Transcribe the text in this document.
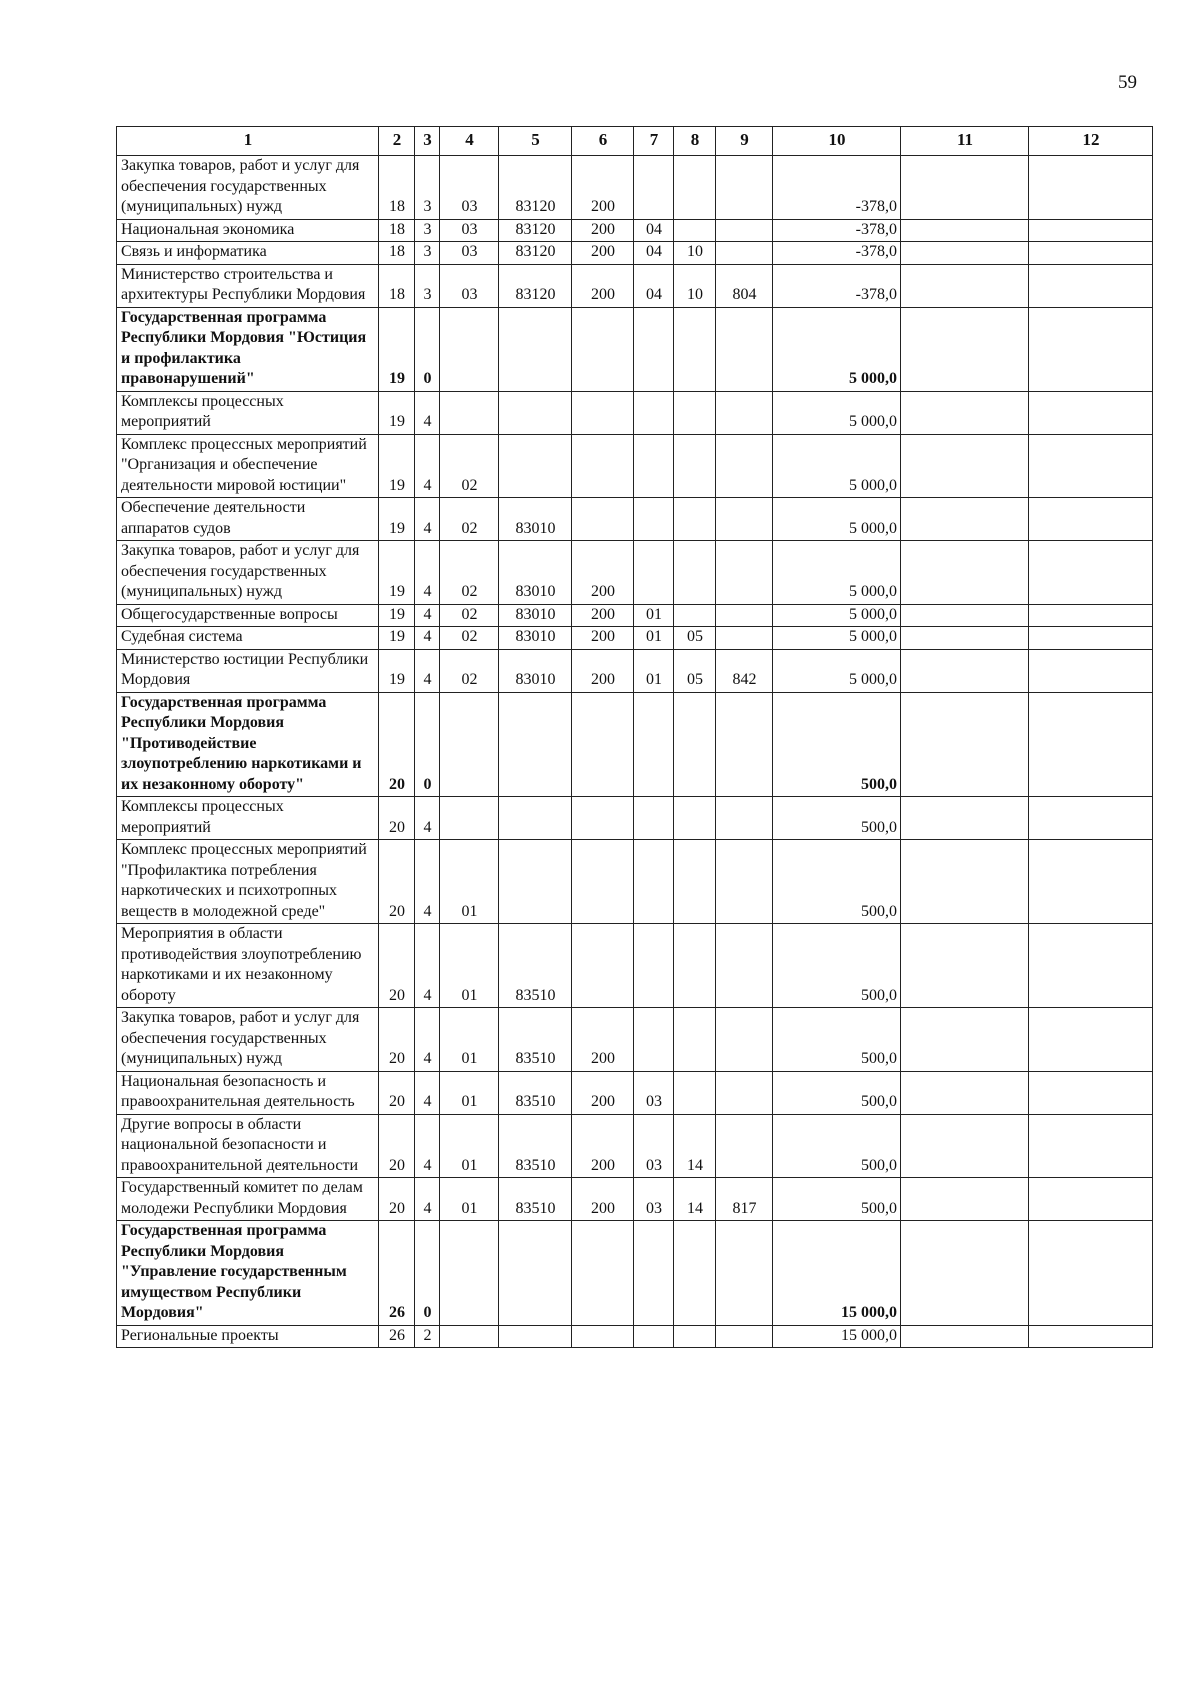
59
1	2	3	4	5	6	7	8	9	10	11	12
Закупка товаров, работ и услуг для обеспечения государственных (муниципальных) нужд	18	3	03	83120	200				-378,0		
Национальная экономика	18	3	03	83120	200	04			-378,0		
Связь и информатика	18	3	03	83120	200	04	10		-378,0		
Министерство строительства и архитектуры Республики Мордовия	18	3	03	83120	200	04	10	804	-378,0		
Государственная программа Республики Мордовия "Юстиция и профилактика правонарушений"	19	0							5 000,0		
Комплексы процессных мероприятий	19	4							5 000,0		
Комплекс процессных мероприятий "Организация и обеспечение деятельности мировой юстиции"	19	4	02						5 000,0		
Обеспечение деятельности аппаратов судов	19	4	02	83010					5 000,0		
Закупка товаров, работ и услуг для обеспечения государственных (муниципальных) нужд	19	4	02	83010	200				5 000,0		
Общегосударственные вопросы	19	4	02	83010	200	01			5 000,0		
Судебная система	19	4	02	83010	200	01	05		5 000,0		
Министерство юстиции Республики Мордовия	19	4	02	83010	200	01	05	842	5 000,0		
Государственная программа Республики Мордовия "Противодействие злоупотреблению наркотиками и их незаконному обороту"	20	0							500,0		
Комплексы процессных мероприятий	20	4							500,0		
Комплекс процессных мероприятий "Профилактика потребления наркотических и психотропных веществ в молодежной среде"	20	4	01						500,0		
Мероприятия в области противодействия злоупотреблению наркотиками и их незаконному обороту	20	4	01	83510					500,0		
Закупка товаров, работ и услуг для обеспечения государственных (муниципальных) нужд	20	4	01	83510	200				500,0		
Национальная безопасность и правоохранительная деятельность	20	4	01	83510	200	03			500,0		
Другие вопросы в области национальной безопасности и правоохранительной деятельности	20	4	01	83510	200	03	14		500,0		
Государственный комитет по делам молодежи Республики Мордовия	20	4	01	83510	200	03	14	817	500,0		
Государственная программа Республики Мордовия "Управление государственным имуществом Республики Мордовия"	26	0							15 000,0		
Региональные проекты	26	2							15 000,0		
